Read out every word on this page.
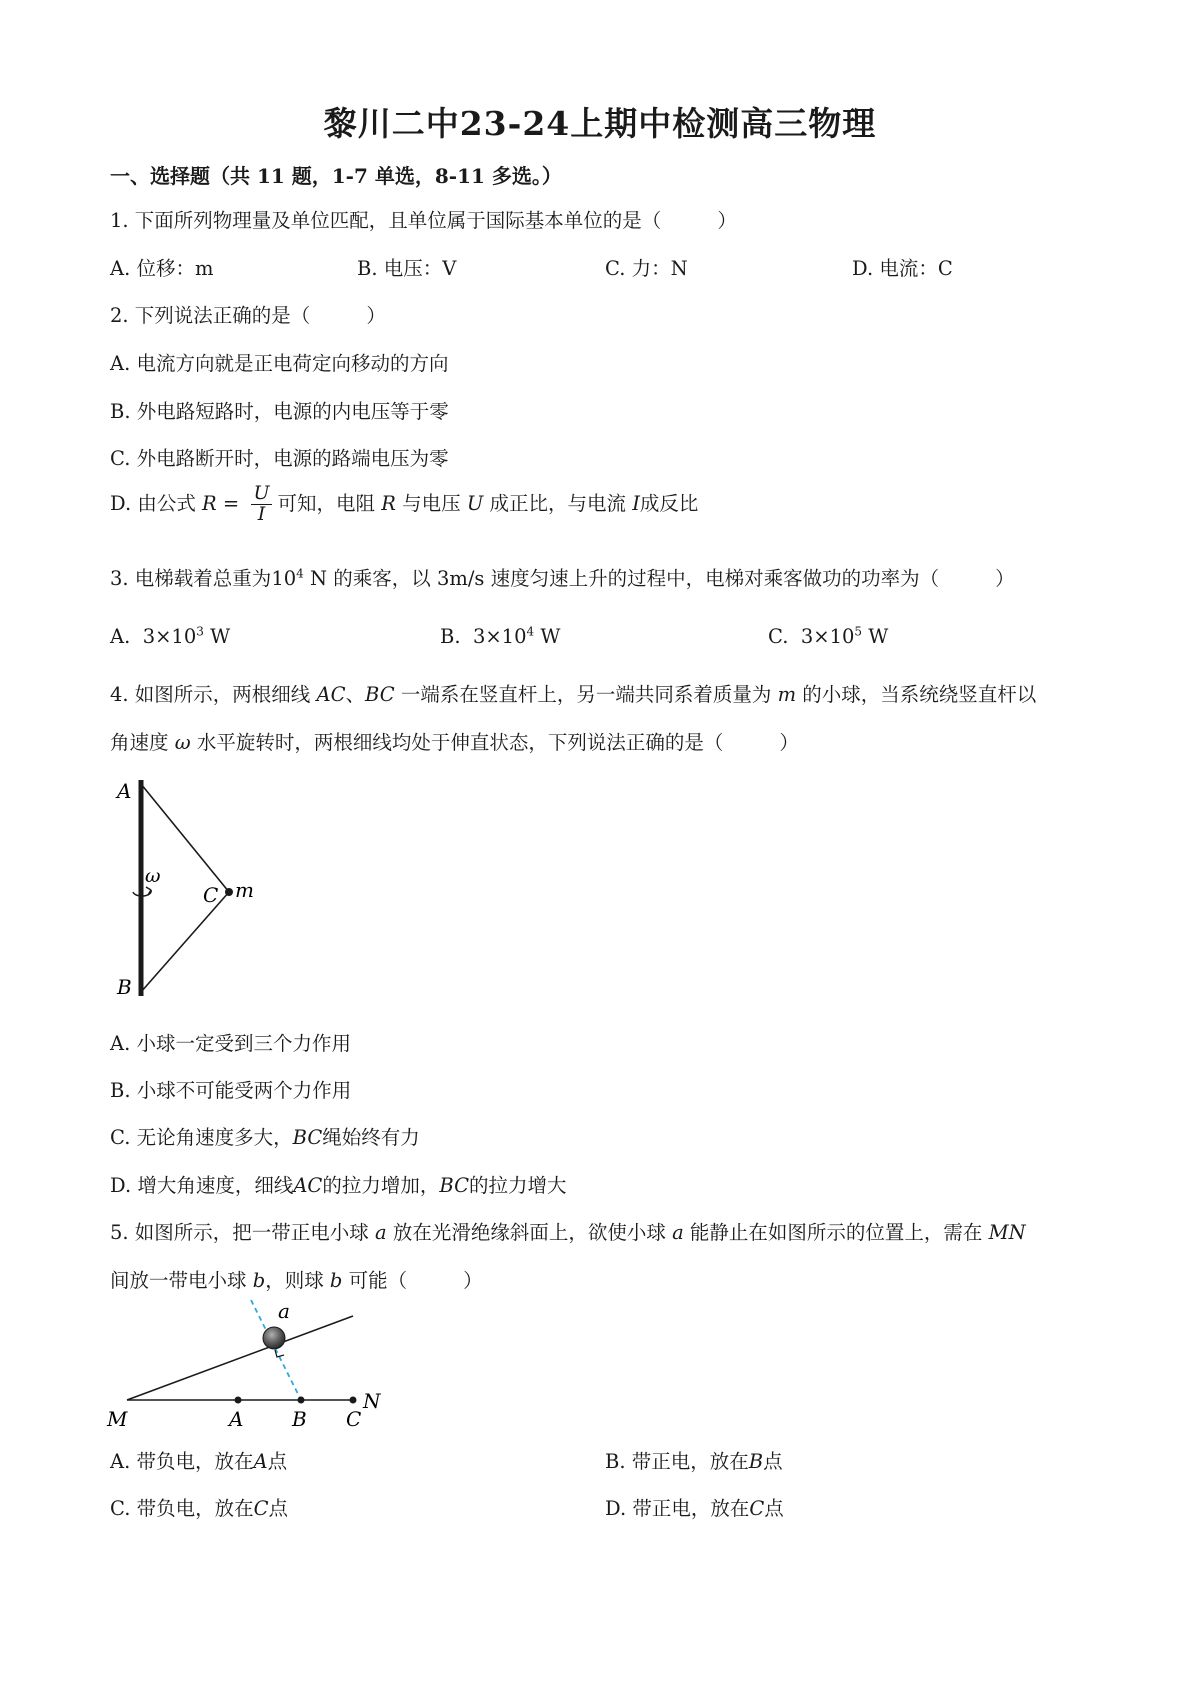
黎川二中23-24上期中检测高三物理
一、选择题（共 11 题，1-7 单选，8-11 多选。）
1. 下面所列物理量及单位匹配，且单位属于国际基本单位的是（	）
A. 位移：m	B. 电压：V	C. 力：N	D. 电流：C
2. 下列说法正确的是（	）
A. 电流方向就是正电荷定向移动的方向
B. 外电路短路时，电源的内电压等于零
C. 外电路断开时，电源的路端电压为零
D. 由公式 $R = \frac{U}{I}$ 可知，电阻 R 与电压 U 成正比，与电流 I成反比
3. 电梯载着总重为$10^4$ N 的乘客，以 3m/s 速度匀速上升的过程中，电梯对乘客做功的功率为（	）
A. $3\times 10^3$ W	B. $3\times 10^4$ W	C. $3\times 10^5$ W
4. 如图所示，两根细线 AC、BC 一端系在竖直杆上，另一端共同系着质量为 m 的小球，当系统绕竖直杆以
角速度 ω 水平旋转时，两根细线均处于伸直状态，下列说法正确的是（	）
A
B
ω
C m
A. 小球一定受到三个力作用
B. 小球不可能受两个力作用
C. 无论角速度多大，BC绳始终有力
D. 增大角速度，细线AC的拉力增加，BC的拉力增大
5. 如图所示，把一带正电小球 a 放在光滑绝缘斜面上，欲使小球 a 能静止在如图所示的位置上，需在 MN
间放一带电小球 b，则球 b 可能（	）
a
M	A B C
N
A. 带负电，放在A点	B. 带正电，放在B点
C. 带负电，放在C点	D. 带正电，放在C点
